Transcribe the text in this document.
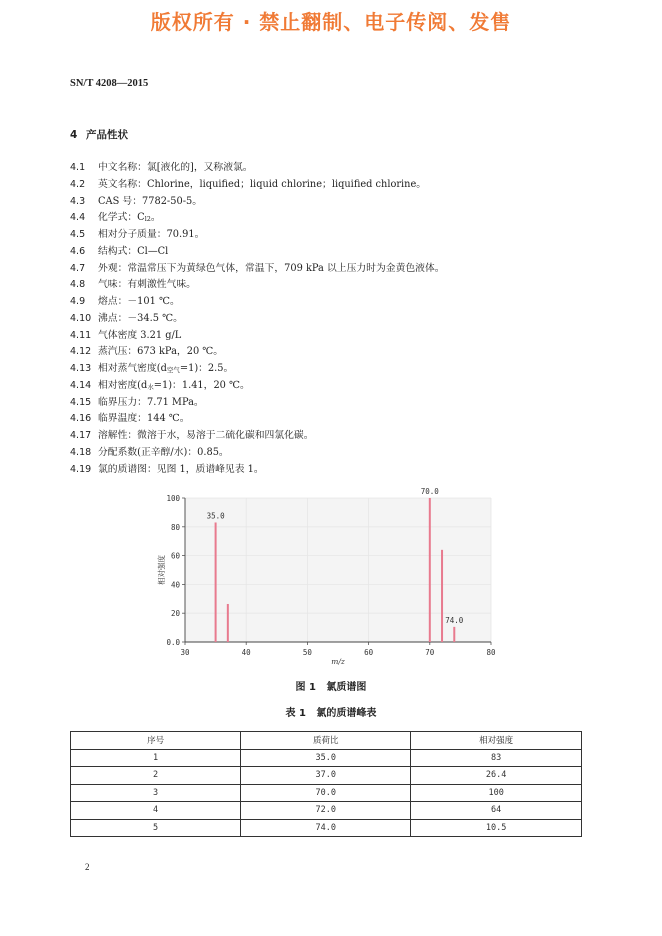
版权所有 · 禁止翻制、电子传阅、发售
SN/T 4208—2015
4 产品性状
4.1 中文名称：氯[液化的]，又称液氯。
4.2 英文名称：Chlorine，liquified；liquid chlorine；liquified chlorine。
4.3 CAS 号：7782-50-5。
4.4 化学式：$C_{l2}$。
4.5 相对分子质量：70.91。
4.6 结构式：Cl—Cl
4.7 外观：常温常压下为黄绿色气体，常温下，709 kPa 以上压力时为金黄色液体。
4.8 气味：有刺激性气味。
4.9 熔点：－101 ℃。
4.10 沸点：－34.5 ℃。
4.11 气体密度 3.21 g/L
4.12 蒸汽压：673 kPa，20 ℃。
4.13 相对蒸气密度$(d_{空气}=1)$：2.5。
4.14 相对密度$(d_水=1)$：1.41，20 ℃。
4.15 临界压力：7.71 MPa。
4.16 临界温度：144 ℃。
4.17 溶解性：微溶于水，易溶于二硫化碳和四氯化碳。
4.18 分配系数(正辛醇/水)：0.85。
4.19 氯的质谱图：见图 1，质谱峰见表 1。
0.0
20
40
60
80
100
30	40	50	60	70	80
35.0
70.0
74.0
m/z
相对强度
图 1   氯质谱图
表 1   氯的质谱峰表
序号	质荷比	相对强度
1	35.0	83
2	37.0	26.4
3	70.0	100
4	72.0	64
5	74.0	10.5
2
